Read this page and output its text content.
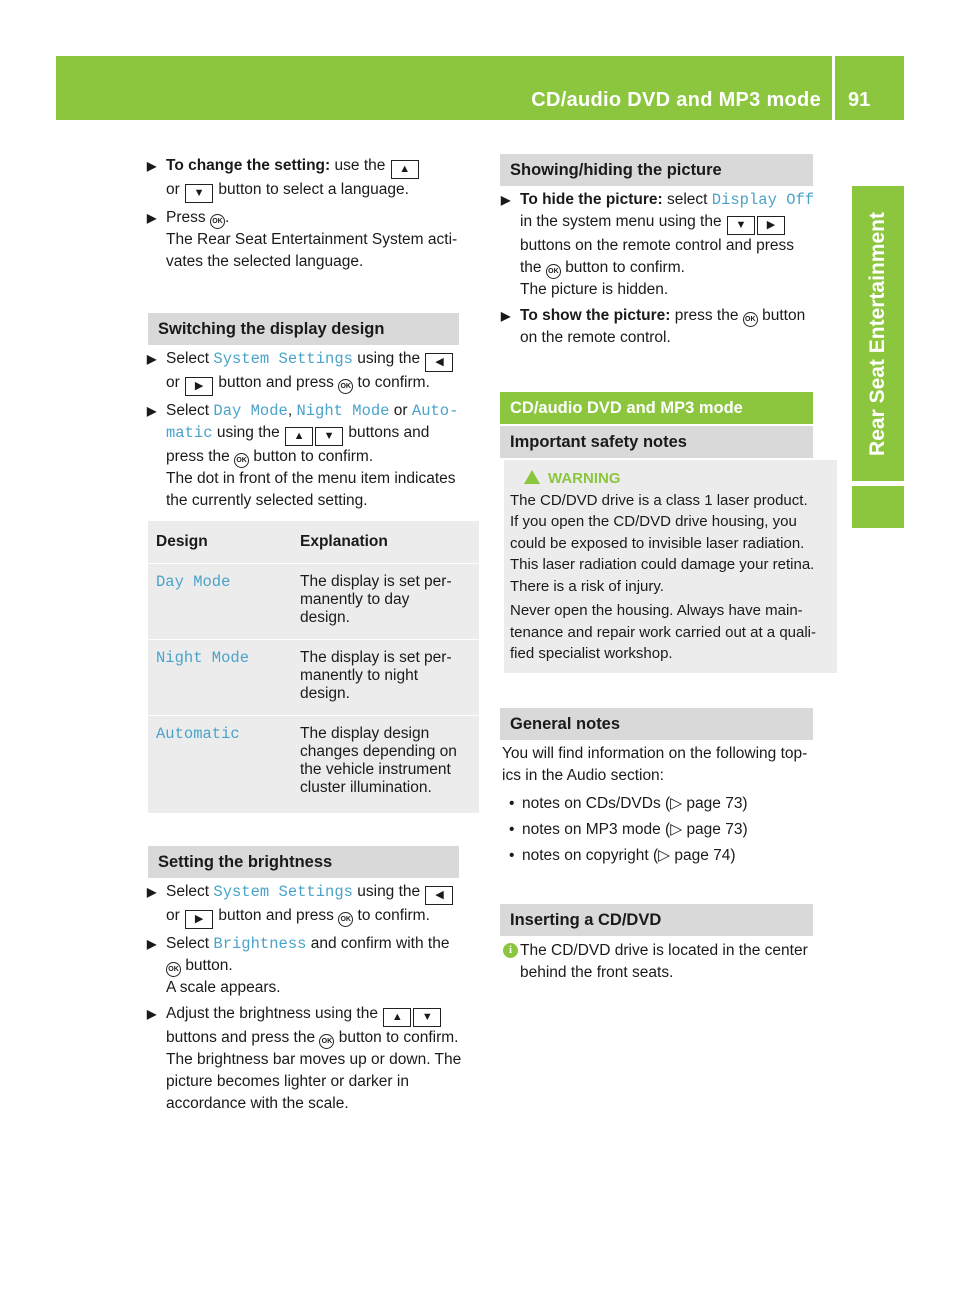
CD/audio DVD and MP3 mode 91
Rear Seat Entertainment
▶ To change the setting: use the ▲
or ▼ button to select a language.
▶ Press OK .
The Rear Seat Entertainment System acti-
vates the selected language.
Switching the display design
▶ Select System Settings using the ◀
or ▶ button and press OK to confirm.
▶ Select Day Mode, Night Mode or Auto‐
matic using the ▲ ▼ buttons and
press the OK button to confirm.
The dot in front of the menu item indicates
the currently selected setting.
Design	Explanation
Day Mode	The display is set per-
manently to day
design.
Night Mode	The display is set per-
manently to night
design.
Automatic	The display design
changes depending on
the vehicle instrument
cluster illumination.
Setting the brightness
▶ Select System Settings using the ◀
or ▶ button and press OK to confirm.
▶ Select Brightness and confirm with the
OK button.
A scale appears.
▶ Adjust the brightness using the ▲ ▼
buttons and press the OK button to confirm.
The brightness bar moves up or down. The
picture becomes lighter or darker in
accordance with the scale.
Showing/hiding the picture
▶ To hide the picture: select Display Off
in the system menu using the ▼ ▶
buttons on the remote control and press
the OK button to confirm.
The picture is hidden.
▶ To show the picture: press the OK button
on the remote control.
CD/audio DVD and MP3 mode
Important safety notes
WARNING
The CD/DVD drive is a class 1 laser product.
If you open the CD/DVD drive housing, you
could be exposed to invisible laser radiation.
This laser radiation could damage your retina.
There is a risk of injury.
Never open the housing. Always have main-
tenance and repair work carried out at a quali-
fied specialist workshop.
General notes
You will find information on the following top-
ics in the Audio section:
• notes on CDs/DVDs (▷ page 73)
• notes on MP3 mode (▷ page 73)
• notes on copyright (▷ page 74)
Inserting a CD/DVD
i The CD/DVD drive is located in the center
behind the front seats.
